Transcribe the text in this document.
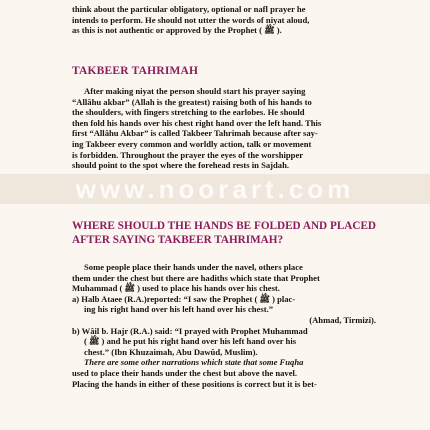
think about the particular obligatory, optional or nafl prayer he

intends to perform. He should not utter the words of niyat aloud,

as this is not authentic or approved by the Prophet ( ﷺ ).

TAKBEER TAHRIMAH

After making niyat the person should start his prayer saying

“Allâhu akbar” (Allah is the greatest) raising both of his hands to

the shoulders, with fingers stretching to the earlobes. He should

then fold his hands over his chest right hand over the left hand. This

first “Allâhu Akbar” is called Takbeer Tahrimah because after say-

ing Takbeer every common and worldly action, talk or movement

is forbidden. Throughout the prayer the eyes of the worshipper

should point to the spot where the forehead rests in Sajdah.

www.noorart.com
WHERE SHOULD THE HANDS BE FOLDED AND PLACED AFTER SAYING TAKBEER TAHRIMAH?

Some people place their hands under the navel, others place

them under the chest but there are hadiths which state that Prophet

Muhammad ( ﷺ ) used to place his hands over his chest.

a) Halb Ataee (R.A.)reported: “I saw the Prophet ( ﷺ ) plac-

ing his right hand over his left hand over his chest.”

(Ahmad, Tirmizi).

b) Wâil b. Hajr (R.A.) said: “I prayed with Prophet Muhammad

( ﷺ ) and he put his right hand over his left hand over his

chest.” (Ibn Khuzaimah, Abu Dawûd, Muslim).

There are some other narrations which state that some Fuqha

used to place their hands under the chest but above the navel.

Placing the hands in either of these positions is correct but it is bet-
